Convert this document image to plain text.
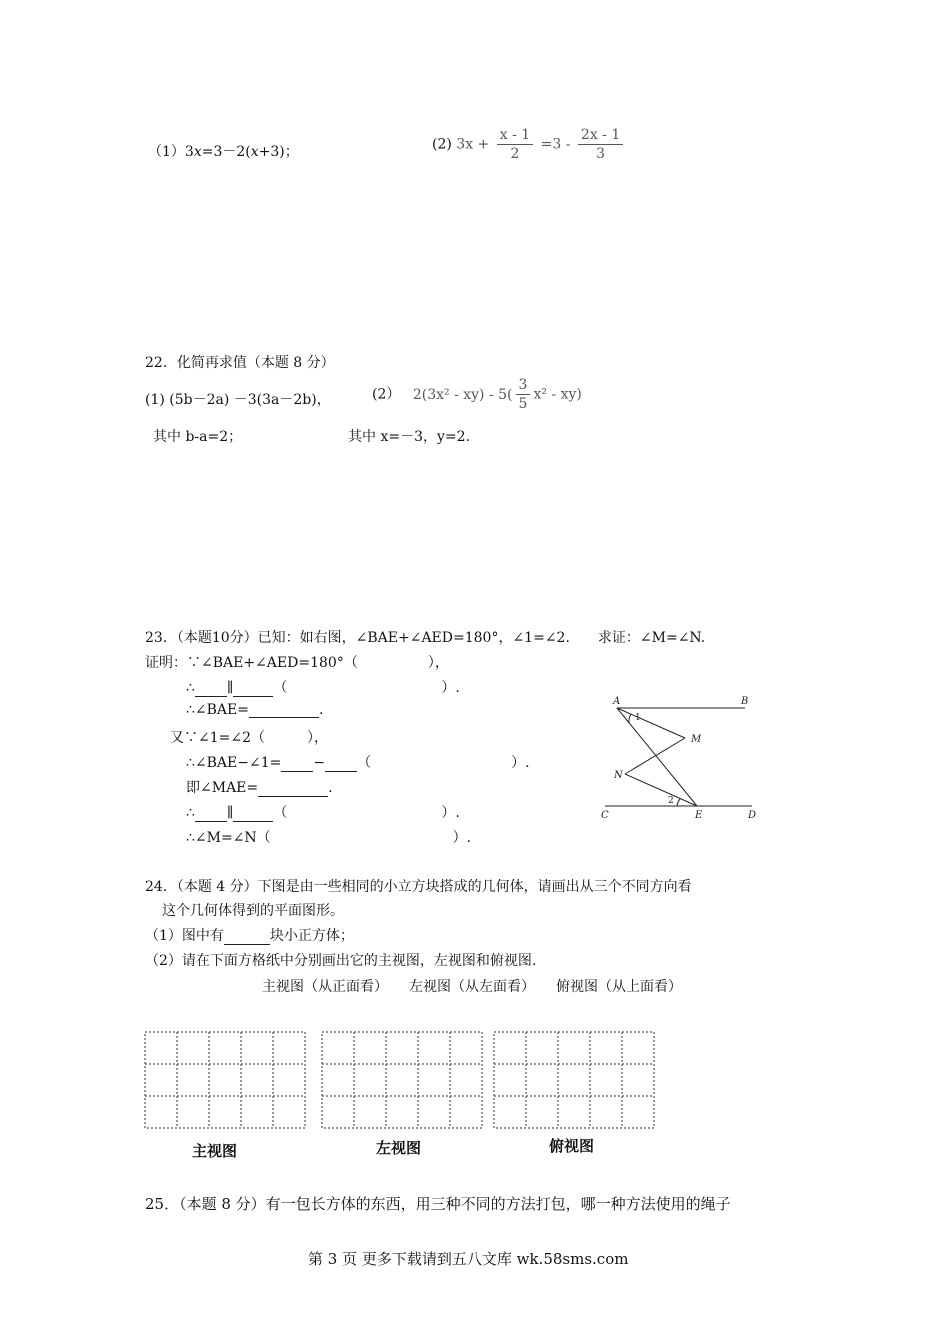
（1）3x=3－2(x+3)；	(2) $3x + \frac{x - 1}{2} =3 - \frac{2x - 1}{3}$
22．化简再求值（本题 8 分）
(1) (5b－2a) －3(3a－2b)，	(2） $2(3x^2 - xy) - 5( \frac{3}{5} x^2 - xy)$
其中 b-a=2；	其中 x=－3，y=2.
23．（本题10分）已知：如右图，∠BAE+∠AED=180°，∠1=∠2.　　求证：∠M=∠N.
证明：∵∠BAE+∠AED=180°（　　　　　），
∴ ∥	（　　　　　　　　　　　）.
∴∠BAE=	.
又∵∠1=∠2（　　　），
∴∠BAE−∠1= − （　　　　　　　　　　）.
即∠MAE=	.
∴ ∥	（　　　　　　　　　　　）.
∴∠M=∠N（　　　　　　　　　　　　　）.
A	B
C	D
E
M
N
1
2
24．（本题 4 分）下图是由一些相同的小立方块搭成的几何体，请画出从三个不同方向看
这个几何体得到的平面图形。
（1）图中有	块小正方体；
（2）请在下面方格纸中分别画出它的主视图，左视图和俯视图.
主视图（从正面看）　　左视图（从左面看）　　俯视图（从上面看）
主视图	左视图	俯视图
25．（本题 8 分）有一包长方体的东西，用三种不同的方法打包，哪一种方法使用的绳子
第 3 页 更多下载请到五八文库 wk.58sms.com
